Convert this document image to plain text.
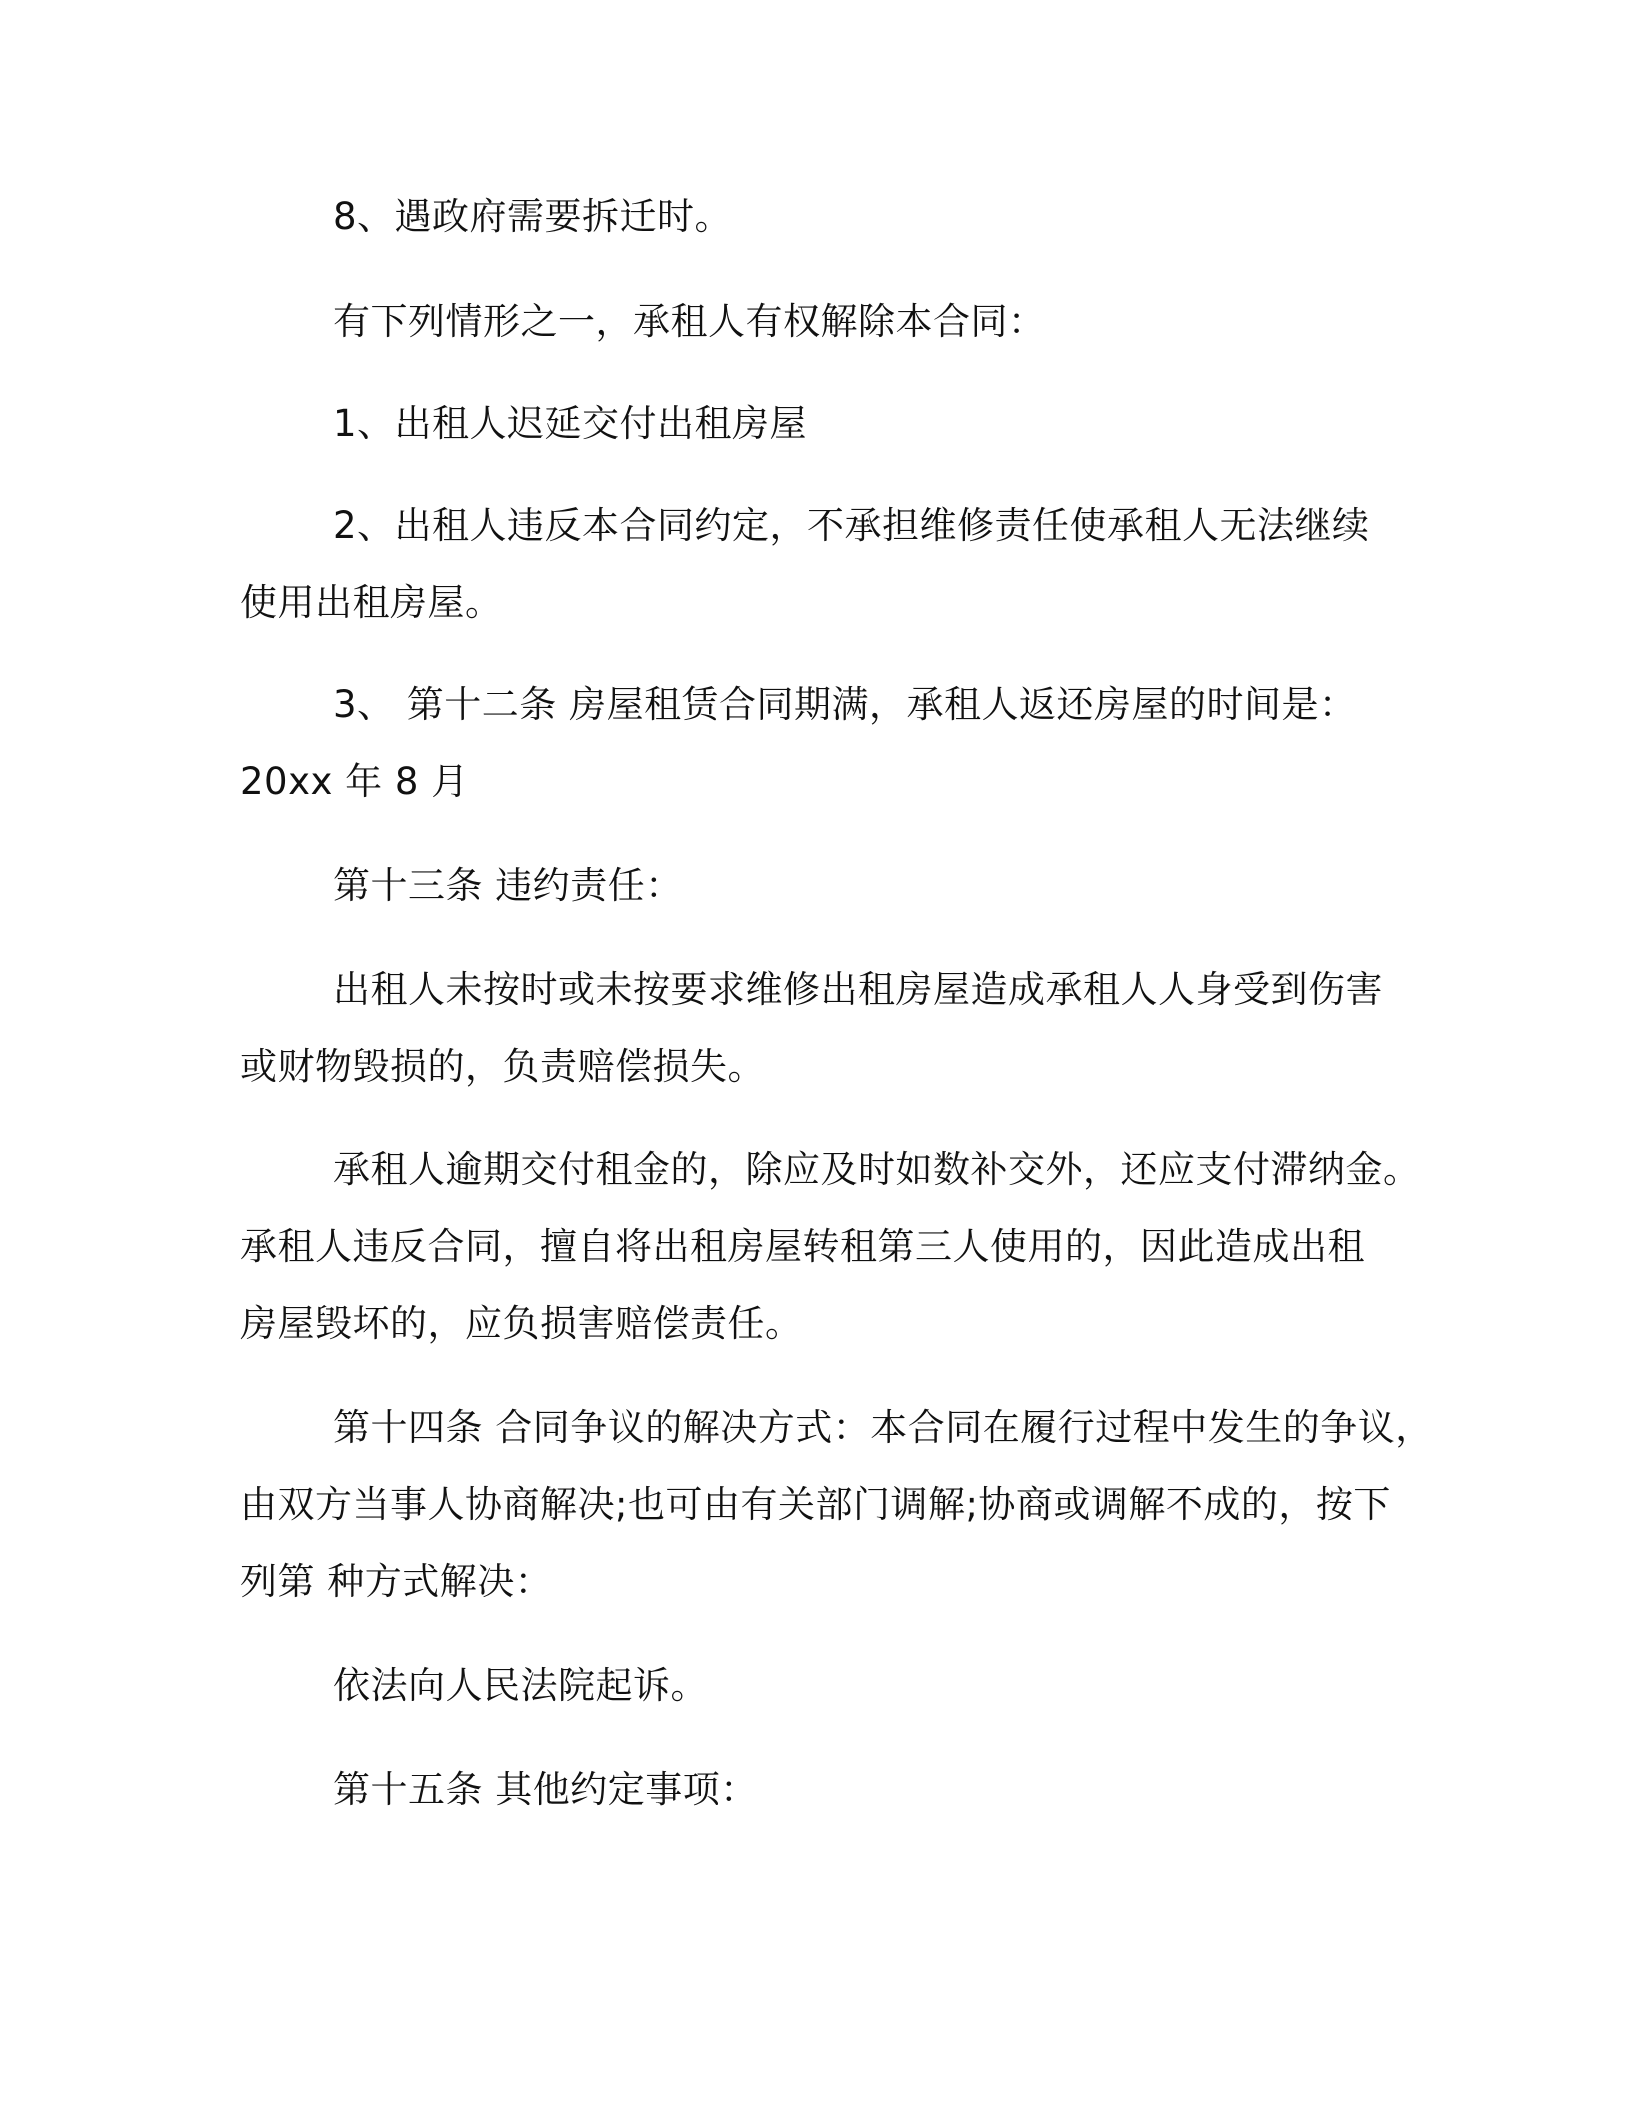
8、遇政府需要拆迁时。

有下列情形之一，承租人有权解除本合同：

1、出租人迟延交付出租房屋

2、出租人违反本合同约定，不承担维修责任使承租人无法继续

使用出租房屋。

3、 第十二条 房屋租赁合同期满，承租人返还房屋的时间是：

20xx 年 8 月

第十三条 违约责任：

出租人未按时或未按要求维修出租房屋造成承租人人身受到伤害

或财物毁损的，负责赔偿损失。

承租人逾期交付租金的，除应及时如数补交外，还应支付滞纳金。

承租人违反合同，擅自将出租房屋转租第三人使用的，因此造成出租

房屋毁坏的，应负损害赔偿责任。

第十四条 合同争议的解决方式：本合同在履行过程中发生的争议，

由双方当事人协商解决;也可由有关部门调解;协商或调解不成的，按下

列第 种方式解决：

依法向人民法院起诉。

第十五条 其他约定事项：
